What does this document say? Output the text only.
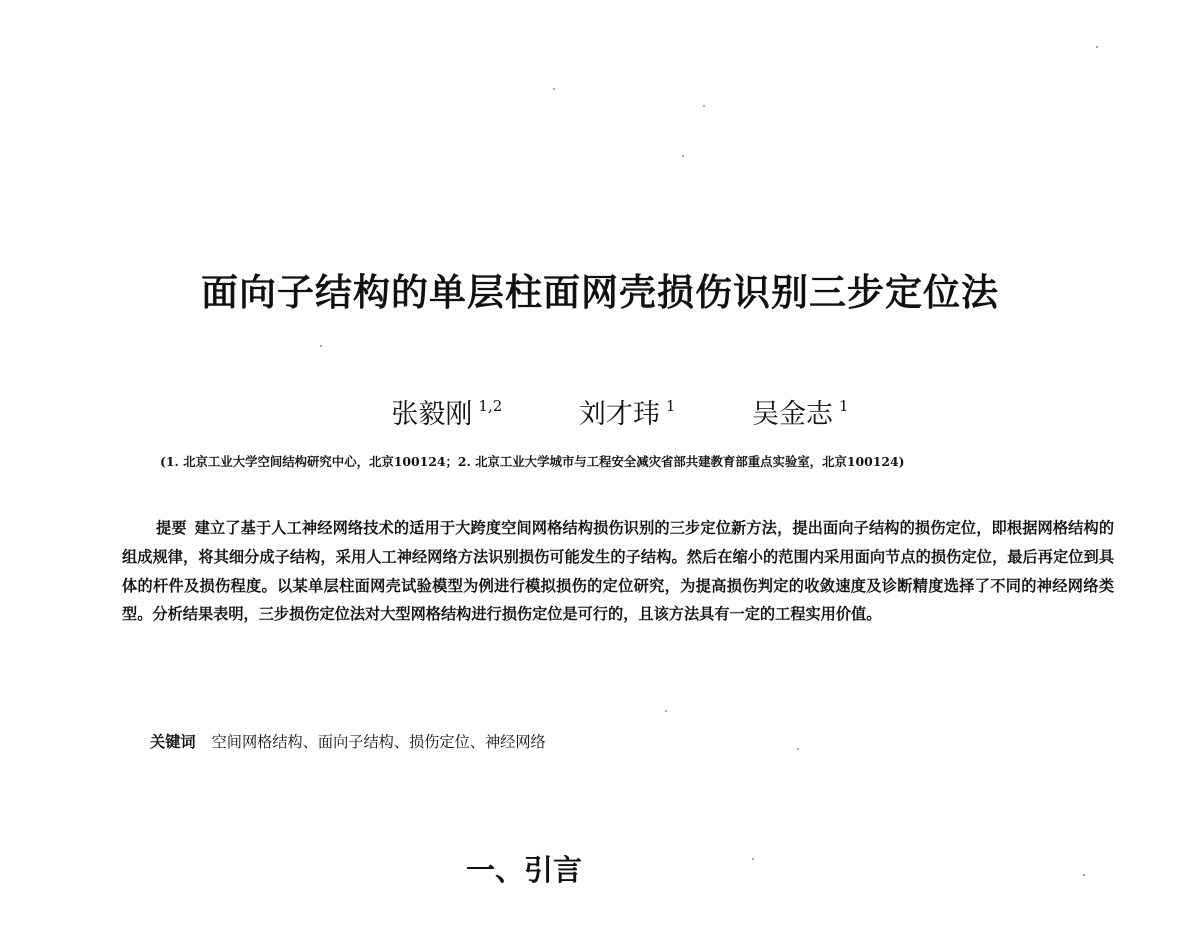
面向子结构的单层柱面网壳损伤识别三步定位法
张毅刚 $^{1,2}$	刘才玮 $^1$	吴金志 $^1$
(1. 北京工业大学空间结构研究中心，北京100124；2. 北京工业大学城市与工程安全减灾省部共建教育部重点实验室，北京100124)

提要 建立了基于人工神经网络技术的适用于大跨度空间网格结构损伤识别的三步定位新方法，提出面向子结构的损伤定位，即根据网格结构的组成规律，将其细分成子结构，采用人工神经网络方法识别损伤可能发生的子结构。然后在缩小的范围内采用面向节点的损伤定位，最后再定位到具体的杆件及损伤程度。以某单层柱面网壳试验模型为例进行模拟损伤的定位研究，为提高损伤判定的收敛速度及诊断精度选择了不同的神经网络类型。分析结果表明，三步损伤定位法对大型网格结构进行损伤定位是可行的，且该方法具有一定的工程实用价值。

关键词 空间网格结构、面向子结构、损伤定位、神经网络
一、引言
